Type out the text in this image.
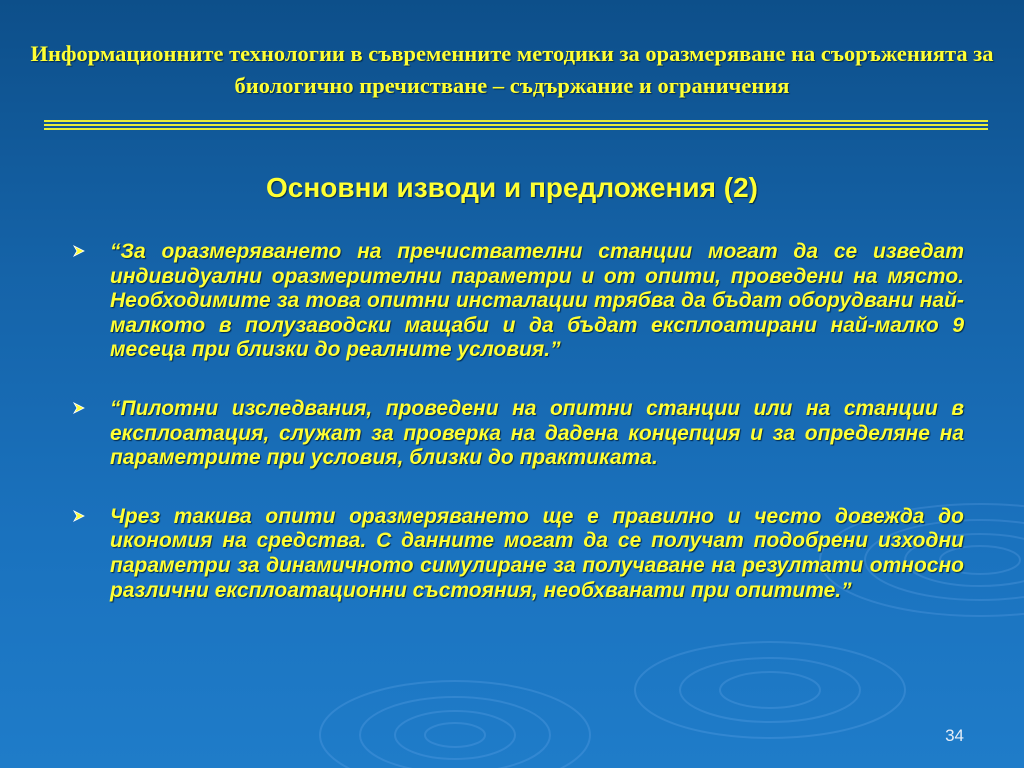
Информационните технологии в съвременните методики за оразмеряване на съоръженията за биологично пречистване – съдържание и ограничения
Основни изводи и предложения (2)
“За оразмеряването на пречиствателни станции могат да се изведат индивидуални оразмерителни параметри и от опити, проведени на място. Необходимите за това опитни инсталации трябва да бъдат оборудвани най-малкото в полузаводски мащаби и да бъдат експлоатирани най-малко 9 месеца при близки до реалните условия.”
“Пилотни изследвания, проведени на опитни станции или на станции в експлоатация, служат за проверка на дадена концепция и за определяне на параметрите при условия, близки до практиката.
Чрез такива опити оразмеряването ще е правилно и често довежда до икономия на средства. С данните могат да се получат подобрени изходни параметри за динамичното симулиране за получаване на резултати относно различни експлоатационни състояния, необхванати при опитите.”
34
